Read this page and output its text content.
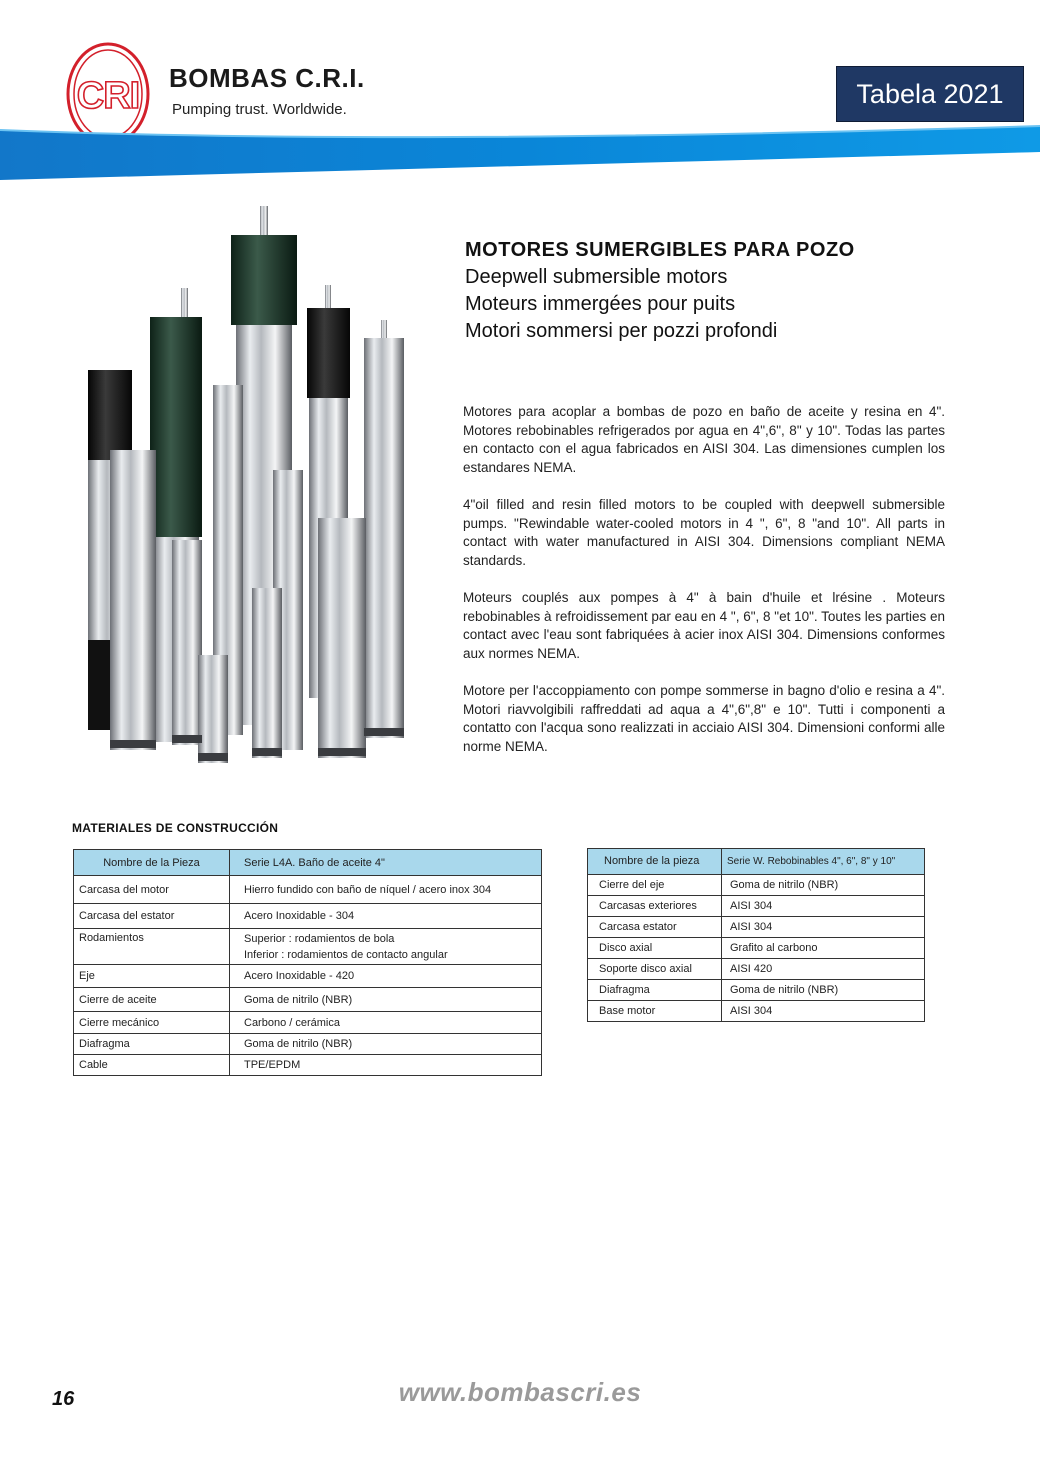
CRI BOMBAS C.R.I.
Pumping trust. Worldwide.
Tabela 2021
MOTORES SUMERGIBLES PARA POZO
Deepwell submersible motors
Moteurs immergées pour puits
Motori sommersi per pozzi profondi
Motores para acoplar a bombas de pozo en baño de aceite y resina en 4". Motores rebobinables refrigerados por agua en 4",6", 8" y 10". Todas las partes en contacto con el agua fabricados en AISI 304. Las dimensiones cumplen los estandares NEMA.
4"oil filled and resin filled motors to be coupled with deepwell submersible pumps. "Rewindable water-cooled motors in 4 ", 6", 8 "and 10". All parts in contact with water manufactured in AISI 304. Dimensions compliant NEMA standards.
Moteurs couplés aux pompes à 4" à bain d'huile et lrésine . Moteurs rebobinables à refroidissement par eau en 4 ", 6", 8 "et 10". Toutes les parties en contact avec l'eau sont fabriquées à acier inox AISI 304. Dimensions conformes aux normes NEMA.
Motore per l'accoppiamento con pompe sommerse in bagno d'olio e resina a 4". Motori riavvolgibili raffreddati ad aqua a 4",6",8" e 10". Tutti i componenti a contatto con l'acqua sono realizzati in acciaio AISI 304. Dimensioni conformi alle norme NEMA.
MATERIALES DE CONSTRUCCIÓN
Nombre de la Pieza	Serie L4A. Baño de aceite 4"
Carcasa del motor	Hierro fundido con baño de níquel / acero inox 304
Carcasa del estator	Acero Inoxidable - 304
Rodamientos	Superior : rodamientos de bola
Inferior : rodamientos de contacto angular

Eje	Acero Inoxidable - 420
Cierre de aceite	Goma de nitrilo (NBR)
Cierre mecánico	Carbono / cerámica
Diafragma	Goma de nitrilo (NBR)
Cable	TPE/EPDM
Nombre de la pieza	Serie W. Rebobinables 4", 6", 8" y 10"
Cierre del eje	Goma de nitrilo (NBR)
Carcasas exteriores	AISI 304
Carcasa estator	AISI 304
Disco axial	Grafito al carbono
Soporte disco axial	AISI 420
Diafragma	Goma de nitrilo (NBR)
Base motor	AISI 304
16	www.bombascri.es
